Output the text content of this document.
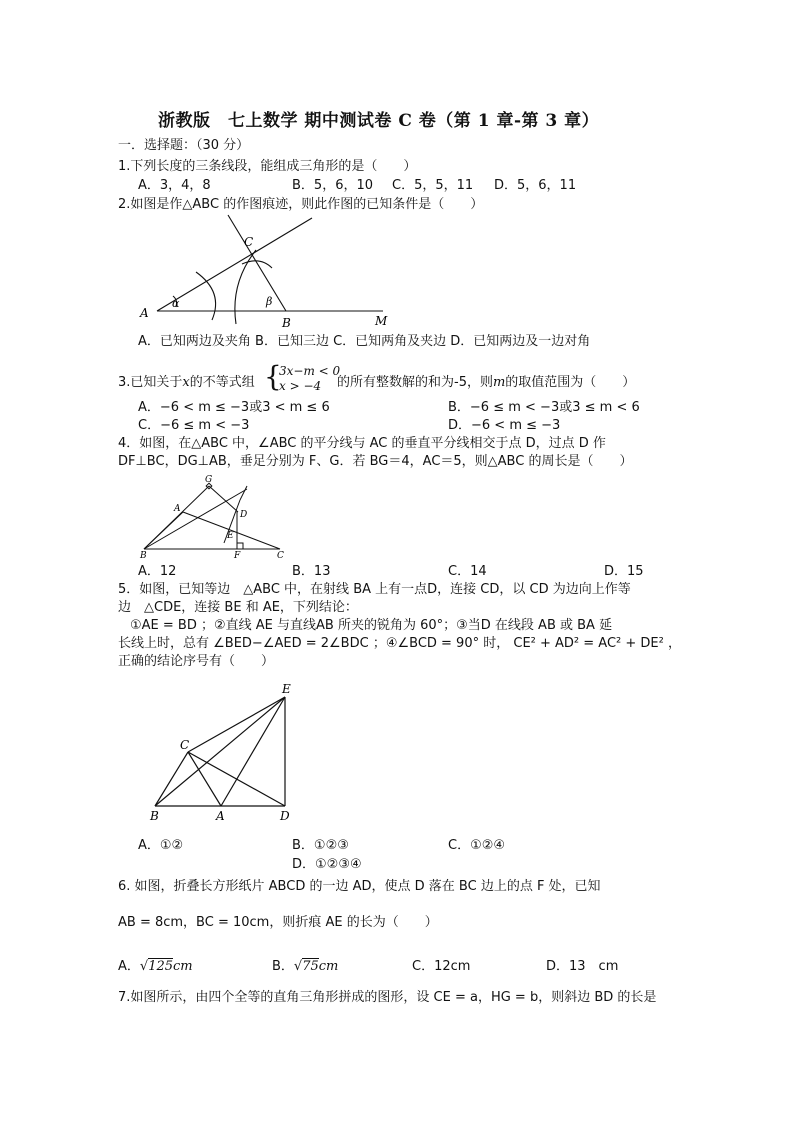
浙教版　七上数学 期中测试卷 C 卷（第 1 章-第 3 章）
一．选择题：（30 分）
1.下列长度的三条线段，能组成三角形的是（　　）
A．3，4，8	B．5，6，10 C．5，5，11 D．5，6，11
2.如图是作△ABC 的作图痕迹，则此作图的已知条件是（　　）
A
B
C
M
α	β
A．已知两边及夹角 B．已知三边 C．已知两角及夹边 D．已知两边及一边对角
3.已知关于x的不等式组 {
3x−m < 0
x > −4 的所有整数解的和为-5，则m的取值范围为（　　）
A．−6 < m ≤ −3或3 < m ≤ 6	B．−6 ≤ m < −3或3 ≤ m < 6
C．−6 ≤ m < −3	D．−6 < m ≤ −3
4．如图，在△ABC 中，∠ABC 的平分线与 AC 的垂直平分线相交于点 D，过点 D 作
DF⊥BC，DG⊥AB，垂足分别为 F、G．若 BG＝4，AC＝5，则△ABC 的周长是（　　）
G
A
D
E
B	F	C
A．12	B．13	C．14	D．15
5．如图，已知等边　△ABC 中，在射线 BA 上有一点D，连接 CD，以 CD 为边向上作等
边　△CDE，连接 BE 和 AE，下列结论：
①AE = BD ；②直线 AE 与直线AB 所夹的锐角为 60°；③当D 在线段 AB 或 BA 延
长线上时，总有 ∠BED−∠AED = 2∠BDC ；④∠BCD = 90° 时， CE² + AD² = AC² + DE² ，
正确的结论序号有（　　）
E
C
B	A	D
A．①②	B．①②③	C．①②④
D．①②③④
6. 如图，折叠长方形纸片 ABCD 的一边 AD，使点 D 落在 BC 边上的点 F 处，已知
AB = 8cm，BC = 10cm，则折痕 AE 的长为（　　）
A．√125cm	B．√75cm	C．12cm	D．13　cm
7.如图所示，由四个全等的直角三角形拼成的图形，设 CE = a，HG = b，则斜边 BD 的长是
